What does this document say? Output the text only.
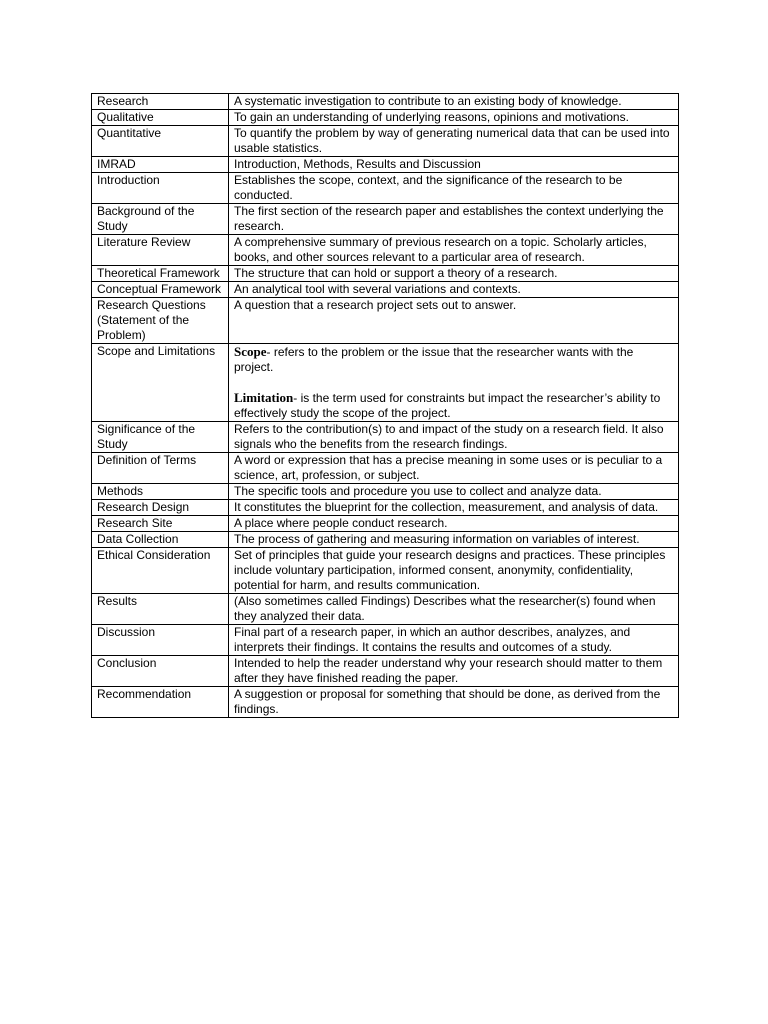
Research	A systematic investigation to contribute to an existing body of knowledge.
Qualitative	To gain an understanding of underlying reasons, opinions and motivations.
Quantitative	To quantify the problem by way of generating numerical data that can be used into usable statistics.
IMRAD	Introduction, Methods, Results and Discussion
Introduction	Establishes the scope, context, and the significance of the research to be conducted.
Background of the Study	The first section of the research paper and establishes the context underlying the research.
Literature Review	A comprehensive summary of previous research on a topic. Scholarly articles, books, and other sources relevant to a particular area of research.
Theoretical Framework	The structure that can hold or support a theory of a research.
Conceptual Framework	An analytical tool with several variations and contexts.
Research Questions (Statement of the Problem)	A question that a research project sets out to answer.
Scope and Limitations	Scope- refers to the problem or the issue that the researcher wants with the project.
Limitation- is the term used for constraints but impact the researcher’s ability to effectively study the scope of the project.

Significance of the Study	Refers to the contribution(s) to and impact of the study on a research field. It also signals who the benefits from the research findings.
Definition of Terms	A word or expression that has a precise meaning in some uses or is peculiar to a science, art, profession, or subject.
Methods	The specific tools and procedure you use to collect and analyze data.
Research Design	It constitutes the blueprint for the collection, measurement, and analysis of data.
Research Site	A place where people conduct research.
Data Collection	The process of gathering and measuring information on variables of interest.
Ethical Consideration	Set of principles that guide your research designs and practices. These principles include voluntary participation, informed consent, anonymity, confidentiality, potential for harm, and results communication.
Results	(Also sometimes called Findings) Describes what the researcher(s) found when they analyzed their data.
Discussion	Final part of a research paper, in which an author describes, analyzes, and interprets their findings. It contains the results and outcomes of a study.
Conclusion	Intended to help the reader understand why your research should matter to them after they have finished reading the paper.
Recommendation	A suggestion or proposal for something that should be done, as derived from the findings.
